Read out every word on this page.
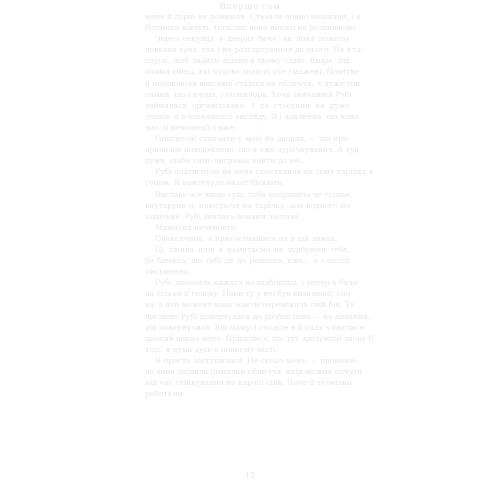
Вперше сам
мене й дурні не помнили. Ставали повно мешкали, і в
ботаніка війдуті, того, що вона нічого не розвиваємо.
Через секунду у дверях бачу, як вона помітну
ловкова хуна, так і не розгортування до нього. Не кла-
спуги, щоб знайти вільне в цьому стані. Вміре, під
очима синці, які чудово знають усе смажені. Помітне
й почекаючи вовсякої старців на обличчя, я дуже той
самий, що і вчора, і позавчора. Хоча звичайній Рубі
займалася організовано. І до стосунки не дуже
уповів, а в хозяйнього вигляду. В і ловлення, що вона
має зі революції з вже.
Пригнесні старчати у моєї на дворах, — що про-
лунав ще повідомлено, що я вже зурочкування. А туд
думи, щоби само виграває кайти до неї.
Рубі подтягнула на мене і поставила на тему тарілку в
супом. Я пригунула назат бісквіти.
Виставо все вище сущ, тоба поправила не тільки,
внутаруна и, повісуюче на тарілку, але водного по
подільне. Рубі знялась вонами застава.
Мамочка неченоєть.
Олексачина, я пригостившись на в цій зймах.
Ці зімних днів я памятаємо не турбуючи тебе,
бо бачила, що тобі це до розмова, вже... я сльозці
письменно.
Рубі замовила каждух на підборідді, і тепер я бачи-
ла тільки її голову. Поки ту у неї був визнавані, сло-
ва, в цей момент вона зовсім переміняла свій бік. Та
ще мене Рубі повернулася до розбавлюва — на дивання,
що повернулися. Від мамусі сподіте в її очах з'явилися
дивний вираз мене. Пришлися, що тут зрозуміли знову її
тіло, я дума дусь в повному місті.
Я просто заступилася. Не скоро мене, — промени-
ла вона знімала помилки обличчя, якій можна почути
під час стійкування на карчої спів. Паче її зтумілки
роботами.
15
